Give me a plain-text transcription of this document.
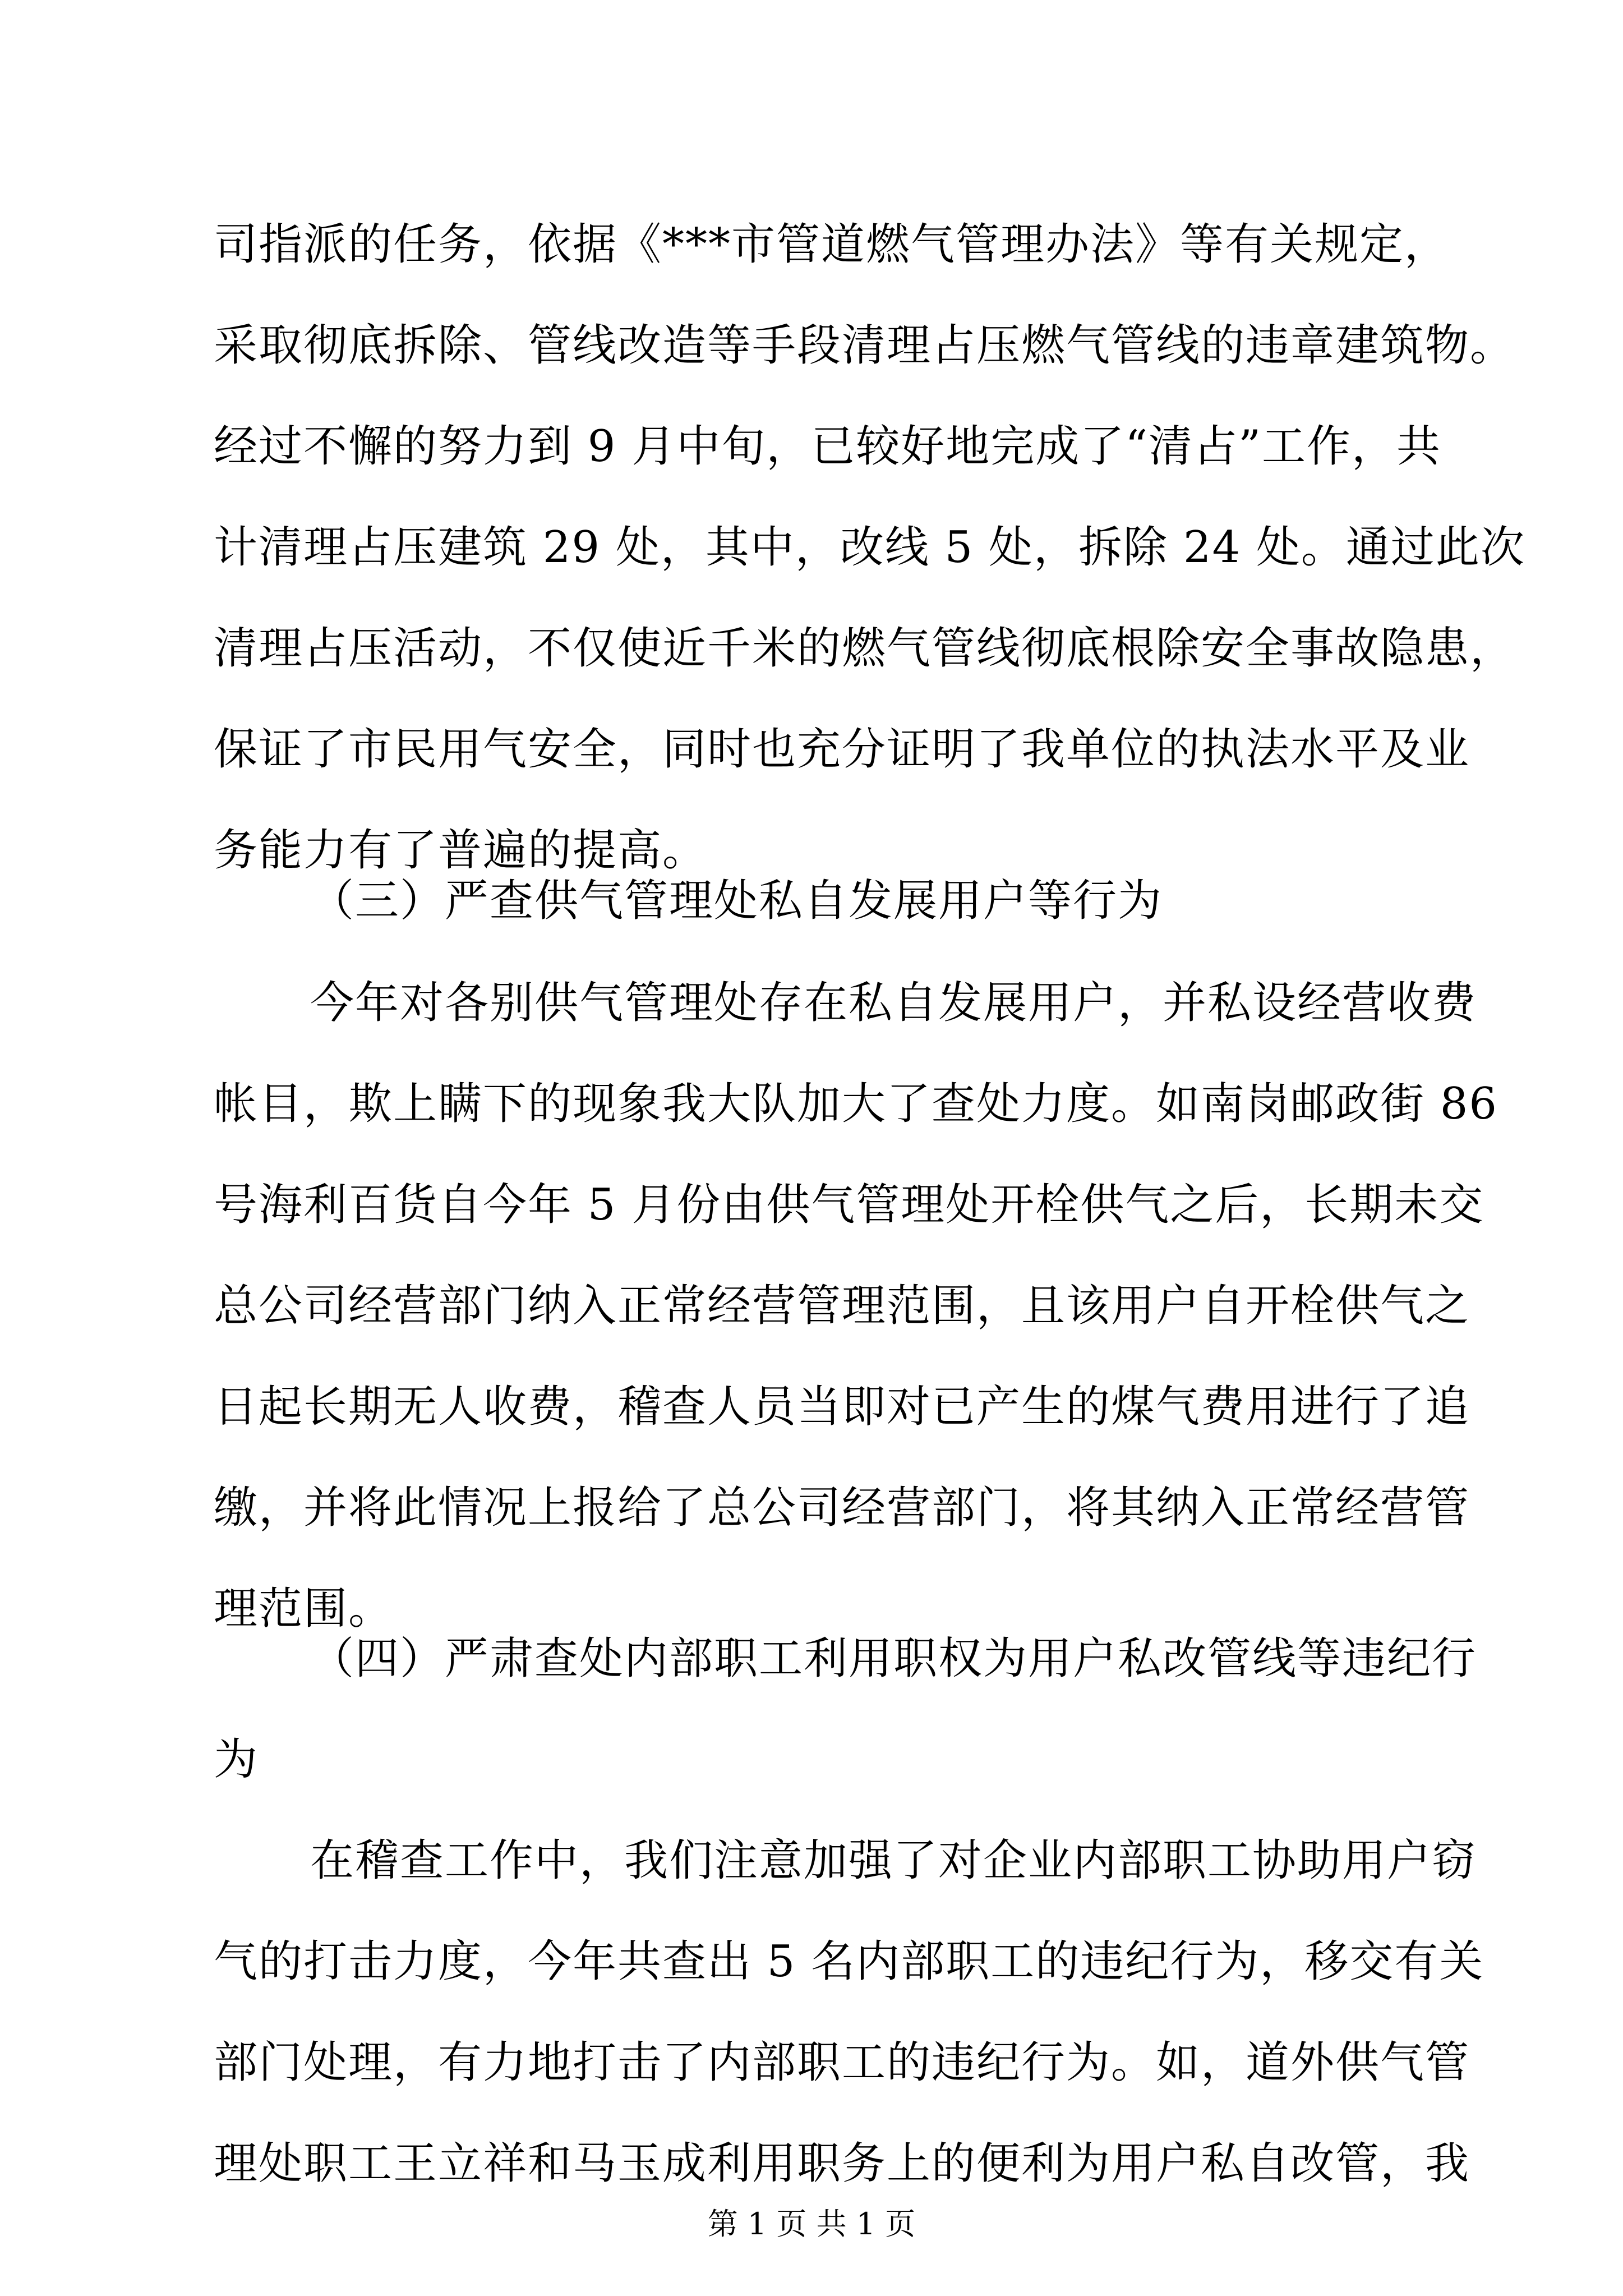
司指派的任务，依据《***市管道燃气管理办法》等有关规定，
采取彻底拆除、管线改造等手段清理占压燃气管线的违章建筑物。
经过不懈的努力到 9 月中旬，已较好地完成了“清占”工作，共
计清理占压建筑 29 处，其中，改线 5 处，拆除 24 处。通过此次
清理占压活动，不仅使近千米的燃气管线彻底根除安全事故隐患，
保证了市民用气安全，同时也充分证明了我单位的执法水平及业
务能力有了普遍的提高。
（三）严查供气管理处私自发展用户等行为
今年对各别供气管理处存在私自发展用户，并私设经营收费
帐目，欺上瞒下的现象我大队加大了查处力度。如南岗邮政街 86
号海利百货自今年 5 月份由供气管理处开栓供气之后，长期未交
总公司经营部门纳入正常经营管理范围，且该用户自开栓供气之
日起长期无人收费，稽查人员当即对已产生的煤气费用进行了追
缴，并将此情况上报给了总公司经营部门，将其纳入正常经营管
理范围。
（四）严肃查处内部职工利用职权为用户私改管线等违纪行
为
在稽查工作中，我们注意加强了对企业内部职工协助用户窃
气的打击力度，今年共查出 5 名内部职工的违纪行为，移交有关
部门处理，有力地打击了内部职工的违纪行为。如，道外供气管
理处职工王立祥和马玉成利用职务上的便利为用户私自改管，我
第 1 页 共 1 页
